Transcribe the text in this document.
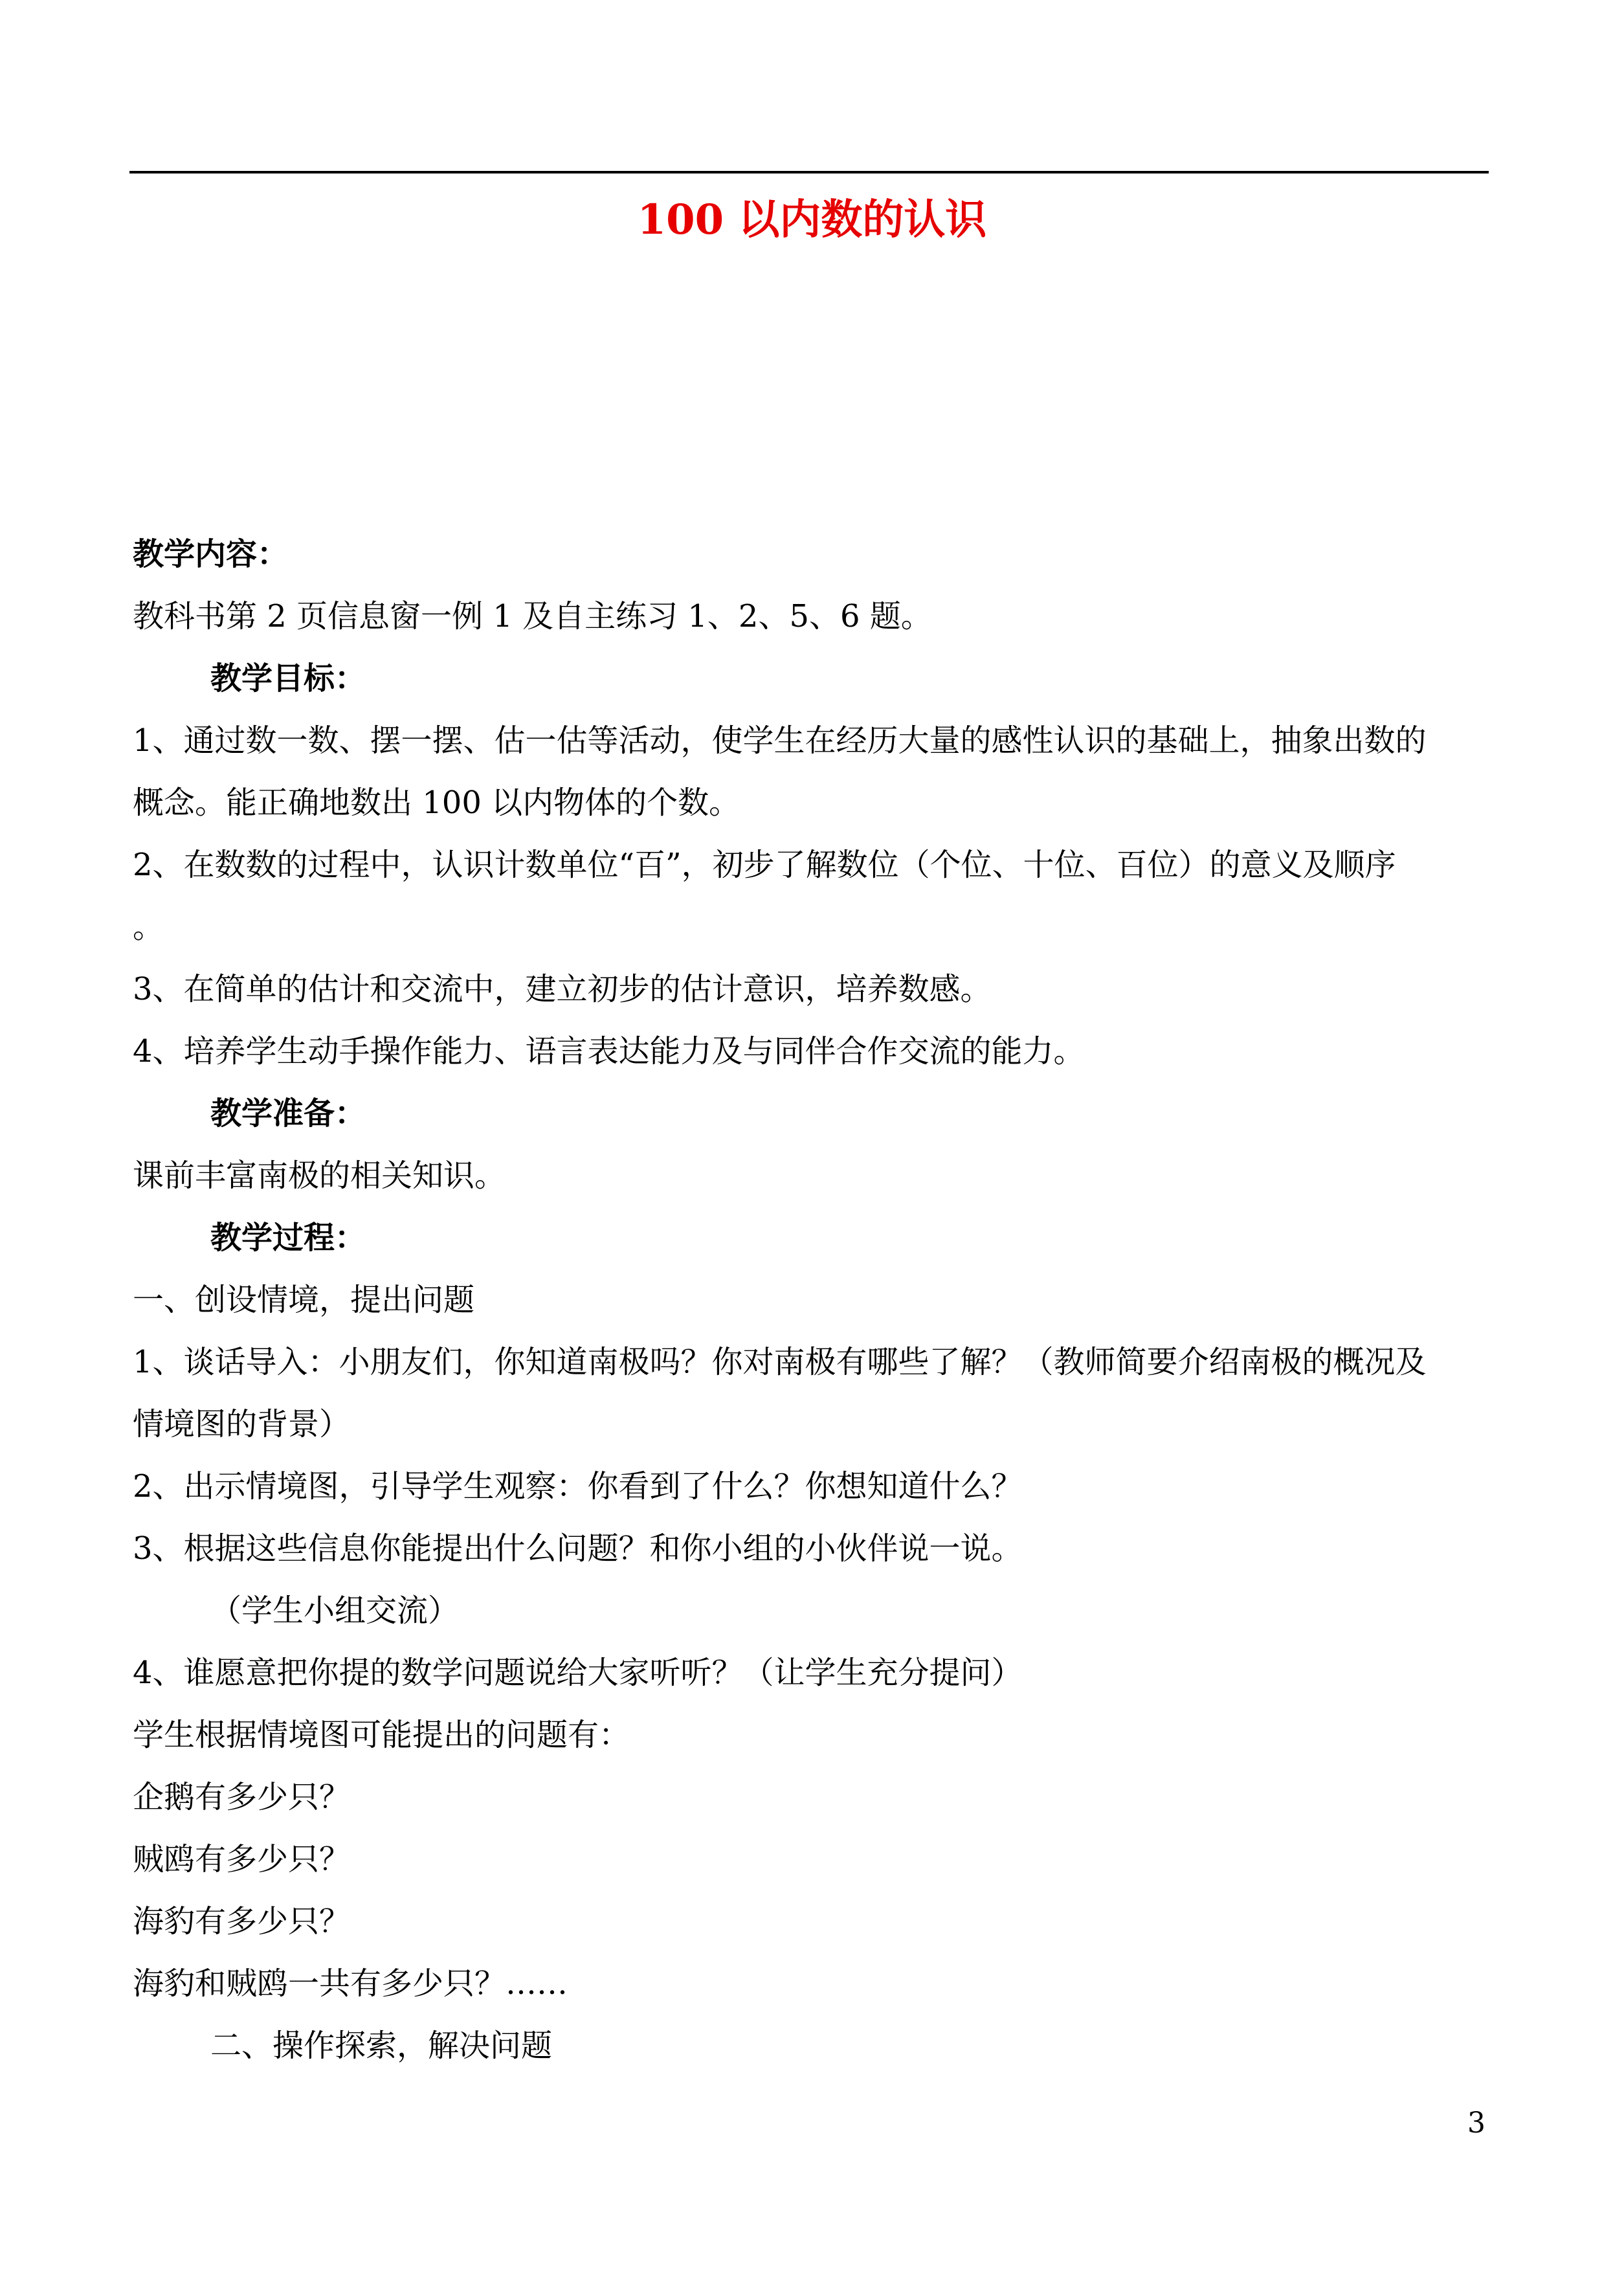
100 以内数的认识
教学内容：
教科书第 2 页信息窗一例 1 及自主练习 1、2、5、6 题。
教学目标：
1、通过数一数、摆一摆、估一估等活动，使学生在经历大量的感性认识的基础上，抽象出数的
概念。能正确地数出 100 以内物体的个数。
2、在数数的过程中，认识计数单位“百”，初步了解数位（个位、十位、百位）的意义及顺序
。
3、在简单的估计和交流中，建立初步的估计意识，培养数感。
4、培养学生动手操作能力、语言表达能力及与同伴合作交流的能力。
教学准备：
课前丰富南极的相关知识。
教学过程：
一、创设情境，提出问题
1、谈话导入：小朋友们，你知道南极吗？你对南极有哪些了解？（教师简要介绍南极的概况及
情境图的背景）
2、出示情境图，引导学生观察：你看到了什么？你想知道什么？
3、根据这些信息你能提出什么问题？和你小组的小伙伴说一说。
（学生小组交流）
4、谁愿意把你提的数学问题说给大家听听？（让学生充分提问）
学生根据情境图可能提出的问题有：
企鹅有多少只？
贼鸥有多少只？
海豹有多少只？
海豹和贼鸥一共有多少只？……
二、操作探索，解决问题
3
